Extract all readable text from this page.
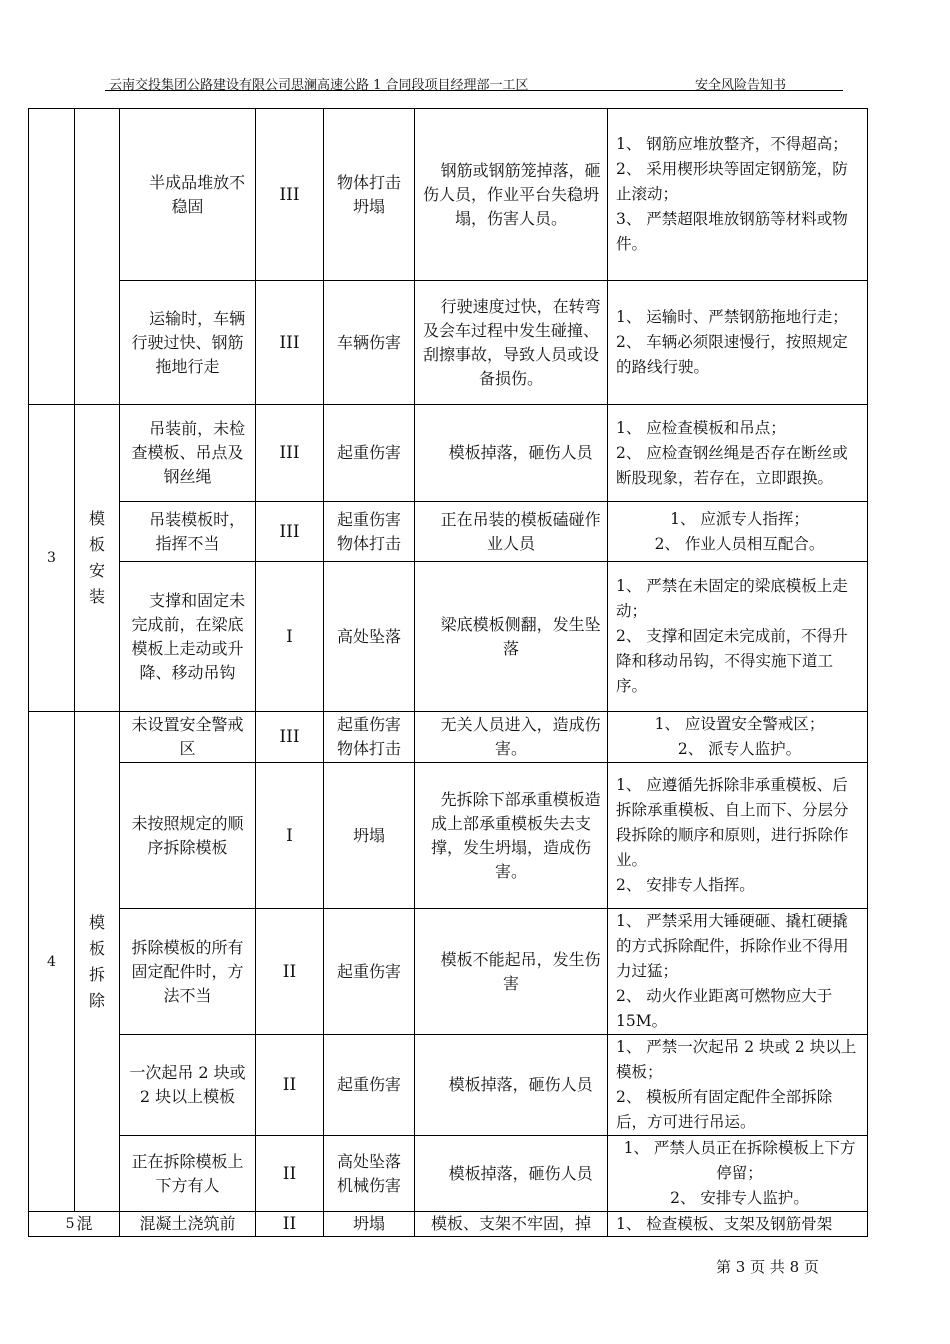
云南交投集团公路建设有限公司思澜高速公路 1 合同段项目经理部一工区	安全风险告知书
		半成品堆放不稳固	III	物体打击坍塌	钢筋或钢筋笼掉落，砸伤人员，作业平台失稳坍塌，伤害人员。	1、 钢筋应堆放整齐，不得超高；
2、 采用楔形块等固定钢筋笼，防止滚动；
3、 严禁超限堆放钢筋等材料或物件。

		运输时，车辆行驶过快、钢筋拖地行走	III	车辆伤害	行驶速度过快，在转弯及会车过程中发生碰撞、刮擦事故，导致人员或设备损伤。	1、 运输时、严禁钢筋拖地行走；
2、 车辆必须限速慢行，按照规定的路线行驶。

3	模板安装	吊装前，未检查模板、吊点及钢丝绳	III	起重伤害	模板掉落，砸伤人员	1、 应检查模板和吊点；
2、 应检查钢丝绳是否存在断丝或断股现象，若存在，立即跟换。

		吊装模板时，指挥不当	III	起重伤害物体打击	正在吊装的模板磕碰作业人员	1、 应派专人指挥；
2、 作业人员相互配合。

		支撑和固定未完成前，在梁底模板上走动或升降、移动吊钩	I	高处坠落	梁底模板侧翻，发生坠落	1、 严禁在未固定的梁底模板上走动；
2、 支撑和固定未完成前，不得升降和移动吊钩，不得实施下道工序。

4	模板拆除	未设置安全警戒区	III	起重伤害物体打击	无关人员进入，造成伤害。	1、 应设置安全警戒区；
2、 派专人监护。

		未按照规定的顺序拆除模板	I	坍塌	先拆除下部承重模板造成上部承重模板失去支撑，发生坍塌，造成伤害。	1、 应遵循先拆除非承重模板、后拆除承重模板、自上而下、分层分段拆除的顺序和原则，进行拆除作业。
2、 安排专人指挥。

		拆除模板的所有固定配件时，方法不当	II	起重伤害	模板不能起吊，发生伤害	1、 严禁采用大锤硬砸、撬杠硬撬的方式拆除配件，拆除作业不得用力过猛；
2、 动火作业距离可燃物应大于 15M。

		一次起吊 2 块或 2 块以上模板	II	起重伤害	模板掉落，砸伤人员	1、 严禁一次起吊 2 块或 2 块以上模板；
2、 模板所有固定配件全部拆除后，方可进行吊运。

		正在拆除模板上下方有人	II	高处坠落机械伤害	模板掉落，砸伤人员	1、 严禁人员正在拆除模板上下方停留；
2、 安排专人监护。

5	混	混凝土浇筑前	II	坍塌	模板、支架不牢固，掉	1、 检查模板、支架及钢筋骨架
第 3 页 共 8 页
